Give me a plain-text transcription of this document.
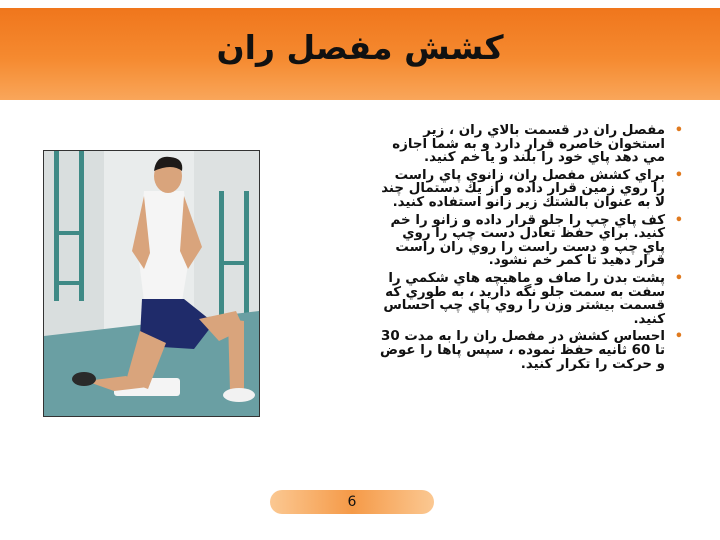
کشش مفصل ران
•
مفصل ران در قسمت بالاي ران ، زير استخوان خاصره قرار دارد و به شما اجازه مي دهد پاي خود را بلند و يا خم كنيد.
•
براي كشش مفصل ران، زانوي پاي راست را روي زمين قرار داده و از يك دستمال چند لا به عنوان بالشتك زير زانو استفاده كنيد.
•
كف پاي چپ را جلو قرار داده و زانو را خم كنيد. براي حفظ تعادل دست چپ را روي پاي چپ و دست راست را روي ران راست قرار دهيد تا كمر خم نشود.
•
پشت بدن را صاف و ماهيچه هاي شكمي را سفت به سمت جلو نگه داريد ، به طوري كه قسمت بيشتر وزن را روي پاي چپ احساس كنيد.
•
احساس كشش در مفصل ران را به مدت 30 تا 60 ثانيه حفظ نموده ، سپس پاها را عوض و حركت را تكرار كنيد.
6
